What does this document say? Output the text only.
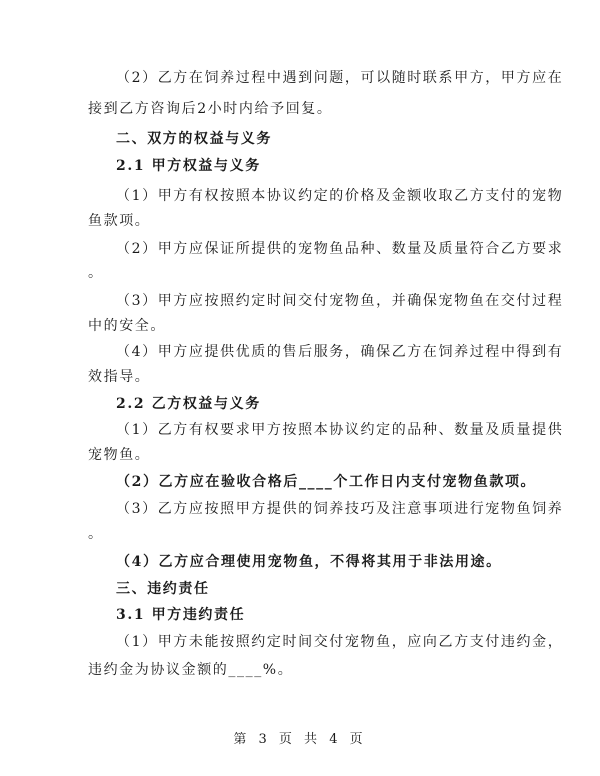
（2）乙方在饲养过程中遇到问题，可以随时联系甲方，甲方应在
接到乙方咨询后2小时内给予回复。
二、双方的权益与义务
2.1 甲方权益与义务
（1）甲方有权按照本协议约定的价格及金额收取乙方支付的宠物
鱼款项。
（2）甲方应保证所提供的宠物鱼品种、数量及质量符合乙方要求
。
（3）甲方应按照约定时间交付宠物鱼，并确保宠物鱼在交付过程
中的安全。
（4）甲方应提供优质的售后服务，确保乙方在饲养过程中得到有
效指导。
2.2 乙方权益与义务
（1）乙方有权要求甲方按照本协议约定的品种、数量及质量提供
宠物鱼。
（2）乙方应在验收合格后____个工作日内支付宠物鱼款项。
（3）乙方应按照甲方提供的饲养技巧及注意事项进行宠物鱼饲养
。
（4）乙方应合理使用宠物鱼，不得将其用于非法用途。
三、违约责任
3.1 甲方违约责任
（1）甲方未能按照约定时间交付宠物鱼，应向乙方支付违约金，
违约金为协议金额的____%。
第 3 页 共 4 页
